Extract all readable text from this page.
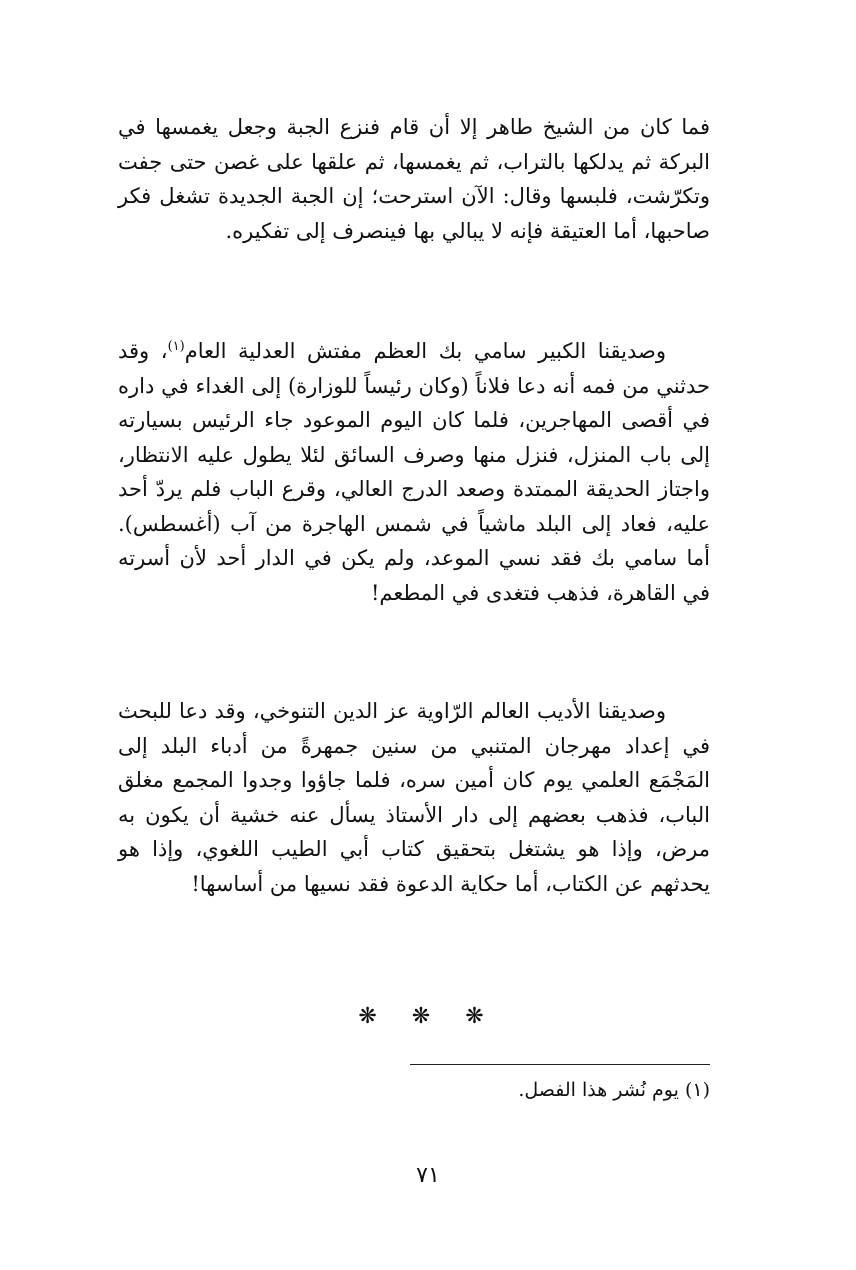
فما كان من الشيخ طاهر إلا أن قام فنزع الجبة وجعل يغمسها في البركة ثم يدلكها بالتراب، ثم يغمسها، ثم علقها على غصن حتى جفت وتكرّشت، فلبسها وقال: الآن استرحت؛ إن الجبة الجديدة تشغل فكر صاحبها، أما العتيقة فإنه لا يبالي بها فينصرف إلى تفكيره.

وصديقنا الكبير سامي بك العظم مفتش العدلية العام$^{(١)}$، وقد حدثني من فمه أنه دعا فلاناً (وكان رئيساً للوزارة) إلى الغداء في داره في أقصى المهاجرين، فلما كان اليوم الموعود جاء الرئيس بسيارته إلى باب المنزل، فنزل منها وصرف السائق لئلا يطول عليه الانتظار، واجتاز الحديقة الممتدة وصعد الدرج العالي، وقرع الباب فلم يردّ أحد عليه، فعاد إلى البلد ماشياً في شمس الهاجرة من آب (أغسطس). أما سامي بك فقد نسي الموعد، ولم يكن في الدار أحد لأن أسرته في القاهرة، فذهب فتغدى في المطعم!

وصديقنا الأديب العالم الرّاوية عز الدين التنوخي، وقد دعا للبحث في إعداد مهرجان المتنبي من سنين جمهرةً من أدباء البلد إلى المَجْمَع العلمي يوم كان أمين سره، فلما جاؤوا وجدوا المجمع مغلق الباب، فذهب بعضهم إلى دار الأستاذ يسأل عنه خشية أن يكون به مرض، وإذا هو يشتغل بتحقيق كتاب أبي الطيب اللغوي، وإذا هو يحدثهم عن الكتاب، أما حكاية الدعوة فقد نسيها من أساسها!

❋ ❋ ❋

(١) يوم نُشر هذا الفصل.

٧١
